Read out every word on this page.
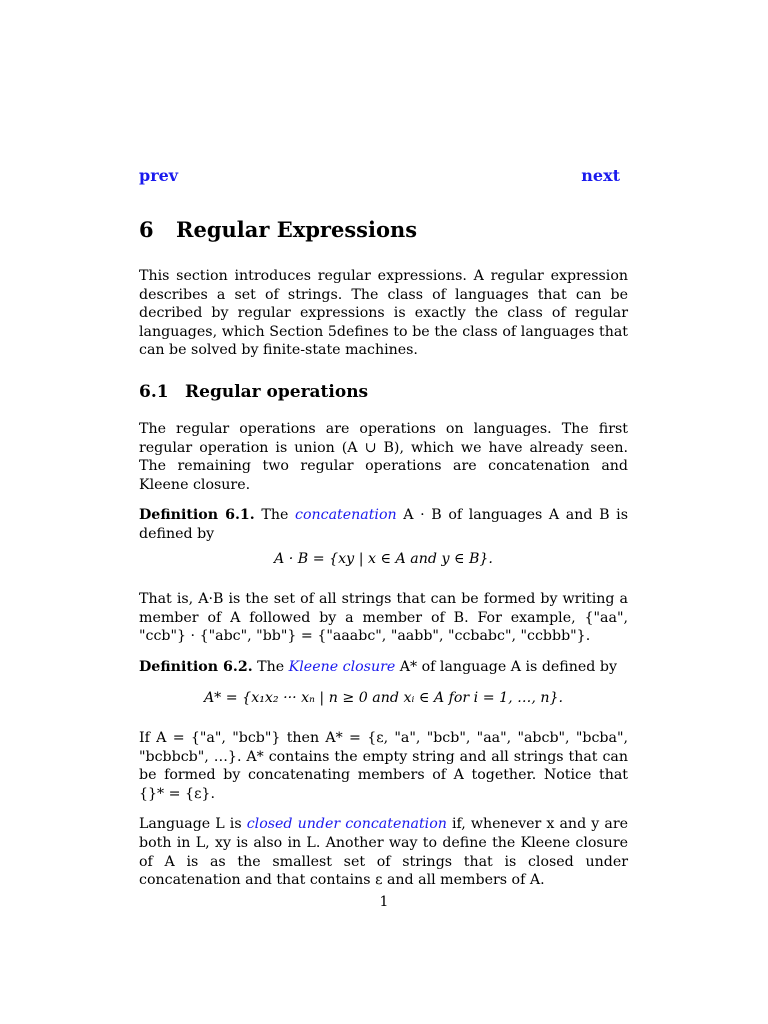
prev	next
6 Regular Expressions

This section introduces regular expressions. A regular expression describes a set of strings. The class of languages that can be decribed by regular expressions is exactly the class of regular languages, which Section 5defines to be the class of languages that can be solved by finite-state machines.

6.1 Regular operations

The regular operations are operations on languages. The first regular operation is union (A ∪ B), which we have already seen. The remaining two regular operations are concatenation and Kleene closure.

Definition 6.1. The concatenation A · B of languages A and B is defined by

A · B = {xy | x ∈ A and y ∈ B}.

That is, A·B is the set of all strings that can be formed by writing a member of A followed by a member of B. For example, {"aa", "ccb"} · {"abc", "bb"} = {"aaabc", "aabb", "ccbabc", "ccbbb"}.

Definition 6.2. The Kleene closure A* of language A is defined by

A* = {x₁x₂ ··· xₙ | n ≥ 0 and xᵢ ∈ A for i = 1, …, n}.

If A = {"a", "bcb"} then A* = {ε, "a", "bcb", "aa", "abcb", "bcba", "bcbbcb", …}. A* contains the empty string and all strings that can be formed by concatenating members of A together. Notice that {}* = {ε}.

Language L is closed under concatenation if, whenever x and y are both in L, xy is also in L. Another way to define the Kleene closure of A is as the smallest set of strings that is closed under concatenation and that contains ε and all members of A.

1
